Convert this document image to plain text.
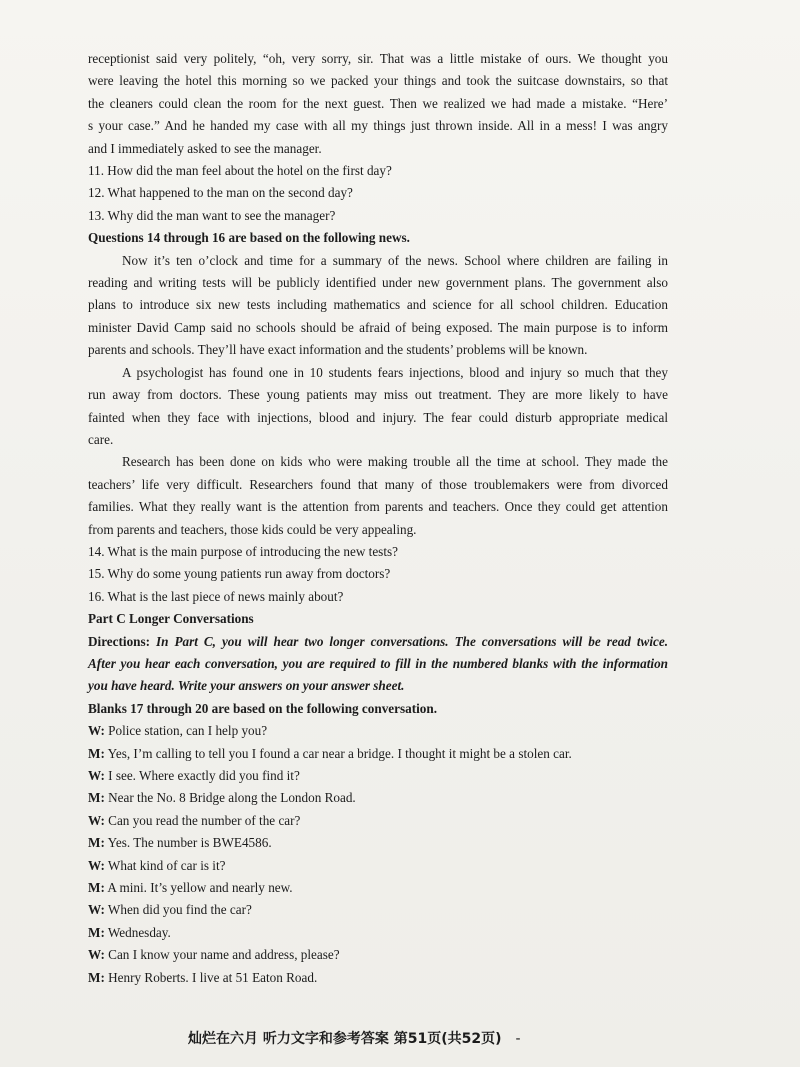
receptionist said very politely, “oh, very sorry, sir. That was a little mistake of ours. We thought you
were leaving the hotel this morning so we packed your things and took the suitcase downstairs, so that
the cleaners could clean the room for the next guest. Then we realized we had made a mistake. “Here’
s your case.” And he handed my case with all my things just thrown inside. All in a mess! I was angry
and I immediately asked to see the manager.
11. How did the man feel about the hotel on the first day?
12. What happened to the man on the second day?
13. Why did the man want to see the manager?
Questions 14 through 16 are based on the following news.
Now it’s ten o’clock and time for a summary of the news. School where children are failing in
reading and writing tests will be publicly identified under new government plans. The government also
plans to introduce six new tests including mathematics and science for all school children. Education
minister David Camp said no schools should be afraid of being exposed. The main purpose is to inform
parents and schools. They’ll have exact information and the students’ problems will be known.
A psychologist has found one in 10 students fears injections, blood and injury so much that they
run away from doctors. These young patients may miss out treatment. They are more likely to have
fainted when they face with injections, blood and injury. The fear could disturb appropriate medical
care.
Research has been done on kids who were making trouble all the time at school. They made the
teachers’ life very difficult. Researchers found that many of those troublemakers were from divorced
families. What they really want is the attention from parents and teachers. Once they could get attention
from parents and teachers, those kids could be very appealing.
14. What is the main purpose of introducing the new tests?
15. Why do some young patients run away from doctors?
16. What is the last piece of news mainly about?
Part C Longer Conversations
Directions: In Part C, you will hear two longer conversations. The conversations will be read twice.
After you hear each conversation, you are required to fill in the numbered blanks with the information
you have heard. Write your answers on your answer sheet.
Blanks 17 through 20 are based on the following conversation.
W: Police station, can I help you?
M: Yes, I’m calling to tell you I found a car near a bridge. I thought it might be a stolen car.
W: I see. Where exactly did you find it?
M: Near the No. 8 Bridge along the London Road.
W: Can you read the number of the car?
M: Yes. The number is BWE4586.
W: What kind of car is it?
M: A mini. It’s yellow and nearly new.
W: When did you find the car?
M: Wednesday.
W: Can I know your name and address, please?
M: Henry Roberts. I live at 51 Eaton Road.
灿烂在六月 听力文字和参考答案 第51页(共52页) -
